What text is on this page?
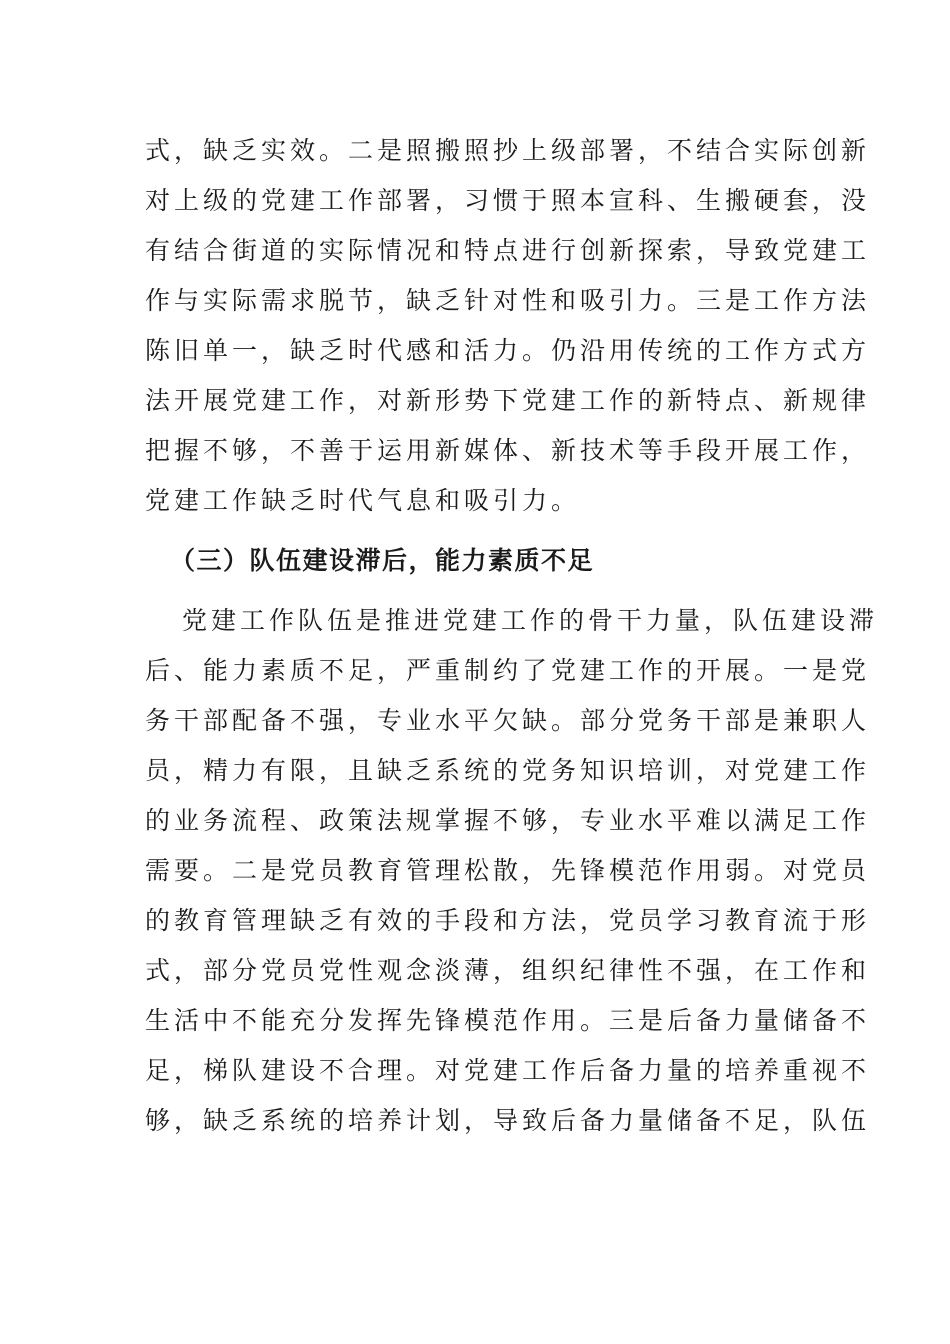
式，缺乏实效。二是照搬照抄上级部署，不结合实际创新
对上级的党建工作部署，习惯于照本宣科、生搬硬套，没
有结合街道的实际情况和特点进行创新探索，导致党建工
作与实际需求脱节，缺乏针对性和吸引力。三是工作方法
陈旧单一，缺乏时代感和活力。仍沿用传统的工作方式方
法开展党建工作，对新形势下党建工作的新特点、新规律
把握不够，不善于运用新媒体、新技术等手段开展工作，
党建工作缺乏时代气息和吸引力。
（三）队伍建设滞后，能力素质不足
党建工作队伍是推进党建工作的骨干力量，队伍建设滞
后、能力素质不足，严重制约了党建工作的开展。一是党
务干部配备不强，专业水平欠缺。部分党务干部是兼职人
员，精力有限，且缺乏系统的党务知识培训，对党建工作
的业务流程、政策法规掌握不够，专业水平难以满足工作
需要。二是党员教育管理松散，先锋模范作用弱。对党员
的教育管理缺乏有效的手段和方法，党员学习教育流于形
式，部分党员党性观念淡薄，组织纪律性不强，在工作和
生活中不能充分发挥先锋模范作用。三是后备力量储备不
足，梯队建设不合理。对党建工作后备力量的培养重视不
够，缺乏系统的培养计划，导致后备力量储备不足，队伍
